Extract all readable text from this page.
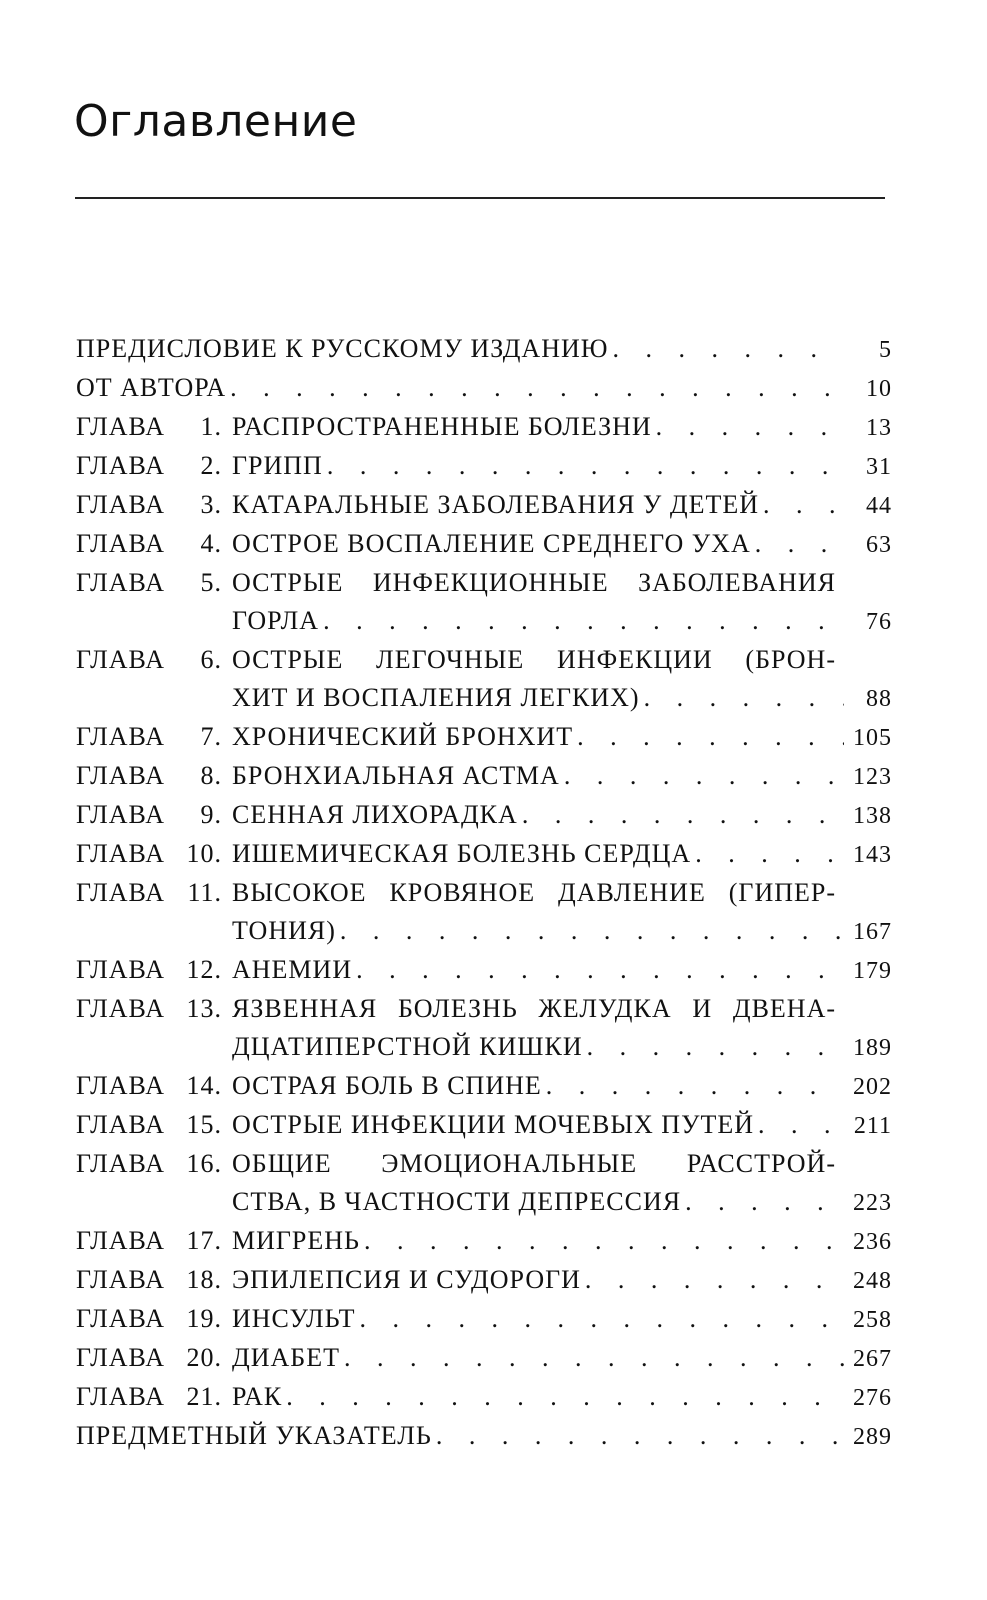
Оглавление
ПРЕДИСЛОВИЕ К РУССКОМУ ИЗДАНИЮ . . .	5
ОТ АВТОРА . . .	10
ГЛАВА	1. РАСПРОСТРАНЕННЫЕ БОЛЕЗНИ . . .	13
ГЛАВА	2. ГРИПП . . .	31
ГЛАВА	3. КАТАРАЛЬНЫЕ ЗАБОЛЕВАНИЯ У ДЕТЕЙ . . .	44
ГЛАВА	4. ОСТРОЕ ВОСПАЛЕНИЕ СРЕДНЕГО УХА . . .	63
ГЛАВА	5. ОСТРЫЕ ИНФЕКЦИОННЫЕ ЗАБОЛЕВАНИЯ
ГОРЛА . . .	76
ГЛАВА	6. ОСТРЫЕ ЛЕГОЧНЫЕ ИНФЕКЦИИ (БРОН-
ХИТ И ВОСПАЛЕНИЯ ЛЕГКИХ) . . .	88
ГЛАВА	7. ХРОНИЧЕСКИЙ БРОНХИТ . . .	105
ГЛАВА	8. БРОНХИАЛЬНАЯ АСТМА . . .	123
ГЛАВА	9. СЕННАЯ ЛИХОРАДКА . . .	138
ГЛАВА 10. ИШЕМИЧЕСКАЯ БОЛЕЗНЬ СЕРДЦА . . .	143
ГЛАВА 11. ВЫСОКОЕ КРОВЯНОЕ ДАВЛЕНИЕ (ГИПЕР-
ТОНИЯ) . . .	167
ГЛАВА 12. АНЕМИИ . . .	179
ГЛАВА 13. ЯЗВЕННАЯ БОЛЕЗНЬ ЖЕЛУДКА И ДВЕНА-
ДЦАТИПЕРСТНОЙ КИШКИ . . .	189
ГЛАВА 14. ОСТРАЯ БОЛЬ В СПИНЕ . . .	202
ГЛАВА 15. ОСТРЫЕ ИНФЕКЦИИ МОЧЕВЫХ ПУТЕЙ . . .	211
ГЛАВА 16. ОБЩИЕ ЭМОЦИОНАЛЬНЫЕ РАССТРОЙ-
СТВА, В ЧАСТНОСТИ ДЕПРЕССИЯ . . .	223
ГЛАВА 17. МИГРЕНЬ . . .	236
ГЛАВА 18. ЭПИЛЕПСИЯ И СУДОРОГИ . . .	248
ГЛАВА 19. ИНСУЛЬТ . . .	258
ГЛАВА 20. ДИАБЕТ . . .	267
ГЛАВА 21. РАК . . .	276
ПРЕДМЕТНЫЙ УКАЗАТЕЛЬ . . .	289
